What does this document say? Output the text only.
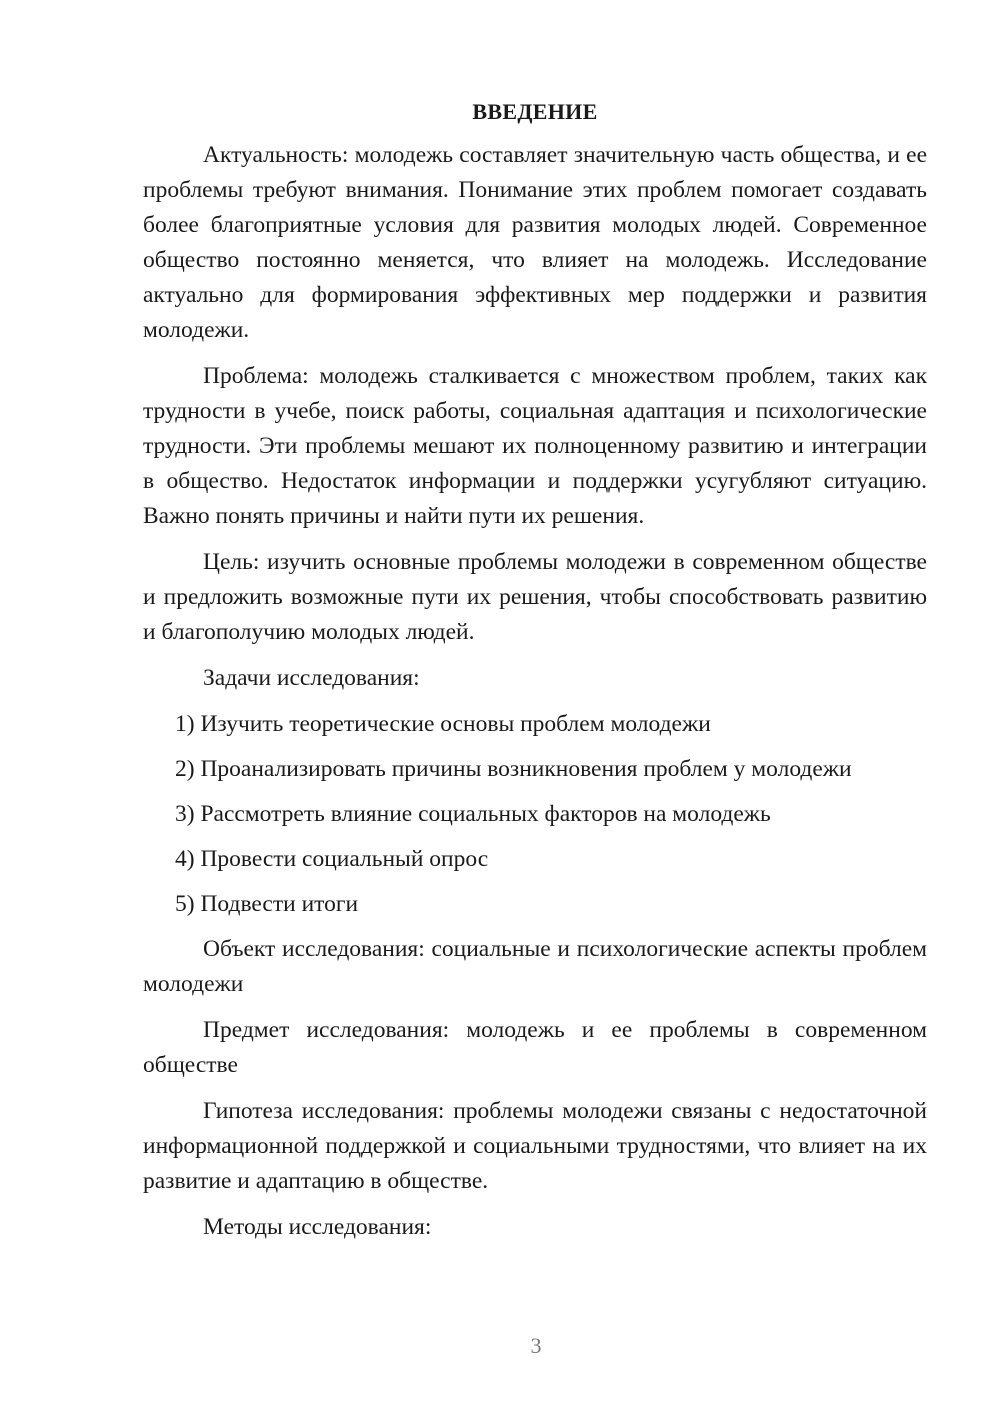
ВВЕДЕНИЕ

Актуальность: молодежь составляет значительную часть общества, и ее проблемы требуют внимания. Понимание этих проблем помогает создавать более благоприятные условия для развития молодых людей. Современное общество постоянно меняется, что влияет на молодежь. Исследование актуально для формирования эффективных мер поддержки и развития молодежи.

Проблема: молодежь сталкивается с множеством проблем, таких как трудности в учебе, поиск работы, социальная адаптация и психологические трудности. Эти проблемы мешают их полноценному развитию и интеграции в общество. Недостаток информации и поддержки усугубляют ситуацию. Важно понять причины и найти пути их решения.

Цель: изучить основные проблемы молодежи в современном обществе и предложить возможные пути их решения, чтобы способствовать развитию и благополучию молодых людей.

Задачи исследования:

1) Изучить теоретические основы проблем молодежи

2) Проанализировать причины возникновения проблем у молодежи

3) Рассмотреть влияние социальных факторов на молодежь

4) Провести социальный опрос

5) Подвести итоги

Объект исследования: социальные и психологические аспекты проблем молодежи

Предмет исследования: молодежь и ее проблемы в современном обществе

Гипотеза исследования: проблемы молодежи связаны с недостаточной информационной поддержкой и социальными трудностями, что влияет на их развитие и адаптацию в обществе.

Методы исследования:

3
